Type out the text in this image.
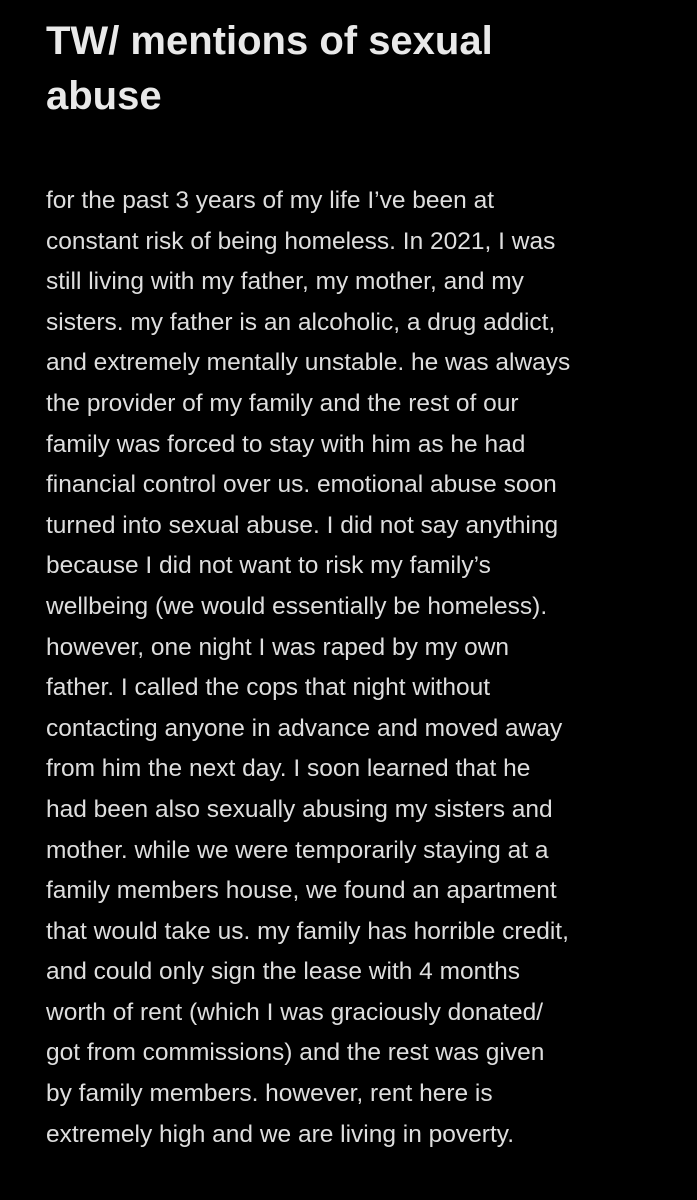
TW/ mentions of sexual
abuse
for the past 3 years of my life I’ve been at
constant risk of being homeless. In 2021, I was
still living with my father, my mother, and my
sisters. my father is an alcoholic, a drug addict,
and extremely mentally unstable. he was always
the provider of my family and the rest of our
family was forced to stay with him as he had
financial control over us. emotional abuse soon
turned into sexual abuse. I did not say anything
because I did not want to risk my family’s
wellbeing (we would essentially be homeless).
however, one night I was raped by my own
father. I called the cops that night without
contacting anyone in advance and moved away
from him the next day. I soon learned that he
had been also sexually abusing my sisters and
mother. while we were temporarily staying at a
family members house, we found an apartment
that would take us. my family has horrible credit,
and could only sign the lease with 4 months
worth of rent (which I was graciously donated/
got from commissions) and the rest was given
by family members. however, rent here is
extremely high and we are living in poverty.
